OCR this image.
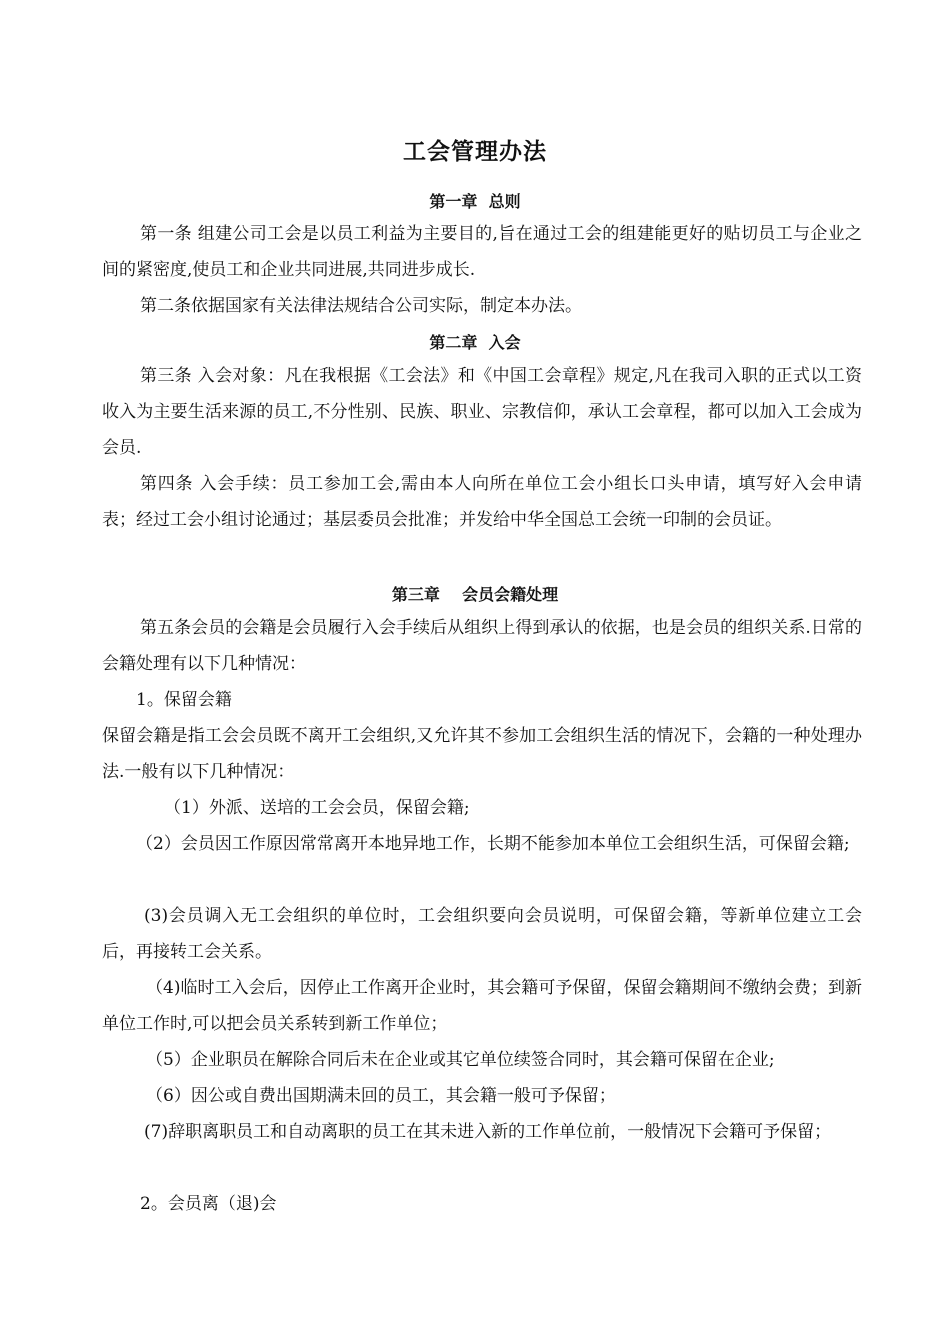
工会管理办法
第一章  总则
第一条 组建公司工会是以员工利益为主要目的,旨在通过工会的组建能更好的贴切员工与企业之间的紧密度,使员工和企业共同进展,共同进步成长.
第二条依据国家有关法律法规结合公司实际，制定本办法。
第二章  入会
第三条 入会对象：凡在我根据《工会法》和《中国工会章程》规定,凡在我司入职的正式以工资收入为主要生活来源的员工,不分性别、民族、职业、宗教信仰，承认工会章程，都可以加入工会成为会员.
第四条 入会手续：员工参加工会,需由本人向所在单位工会小组长口头申请，填写好入会申请表；经过工会小组讨论通过；基层委员会批准；并发给中华全国总工会统一印制的会员证。
第三章    会员会籍处理
第五条会员的会籍是会员履行入会手续后从组织上得到承认的依据，也是会员的组织关系.日常的会籍处理有以下几种情况：
1。保留会籍
保留会籍是指工会会员既不离开工会组织,又允许其不参加工会组织生活的情况下，会籍的一种处理办法.一般有以下几种情况：
（1）外派、送培的工会会员，保留会籍;
（2）会员因工作原因常常离开本地异地工作，长期不能参加本单位工会组织生活，可保留会籍;
(3)会员调入无工会组织的单位时，工会组织要向会员说明，可保留会籍，等新单位建立工会后，再接转工会关系。
（4)临时工入会后，因停止工作离开企业时，其会籍可予保留，保留会籍期间不缴纳会费；到新单位工作时,可以把会员关系转到新工作单位；
（5）企业职员在解除合同后未在企业或其它单位续签合同时，其会籍可保留在企业;
（6）因公或自费出国期满未回的员工，其会籍一般可予保留；
(7)辞职离职员工和自动离职的员工在其未进入新的工作单位前，一般情况下会籍可予保留；
2。会员离（退)会
